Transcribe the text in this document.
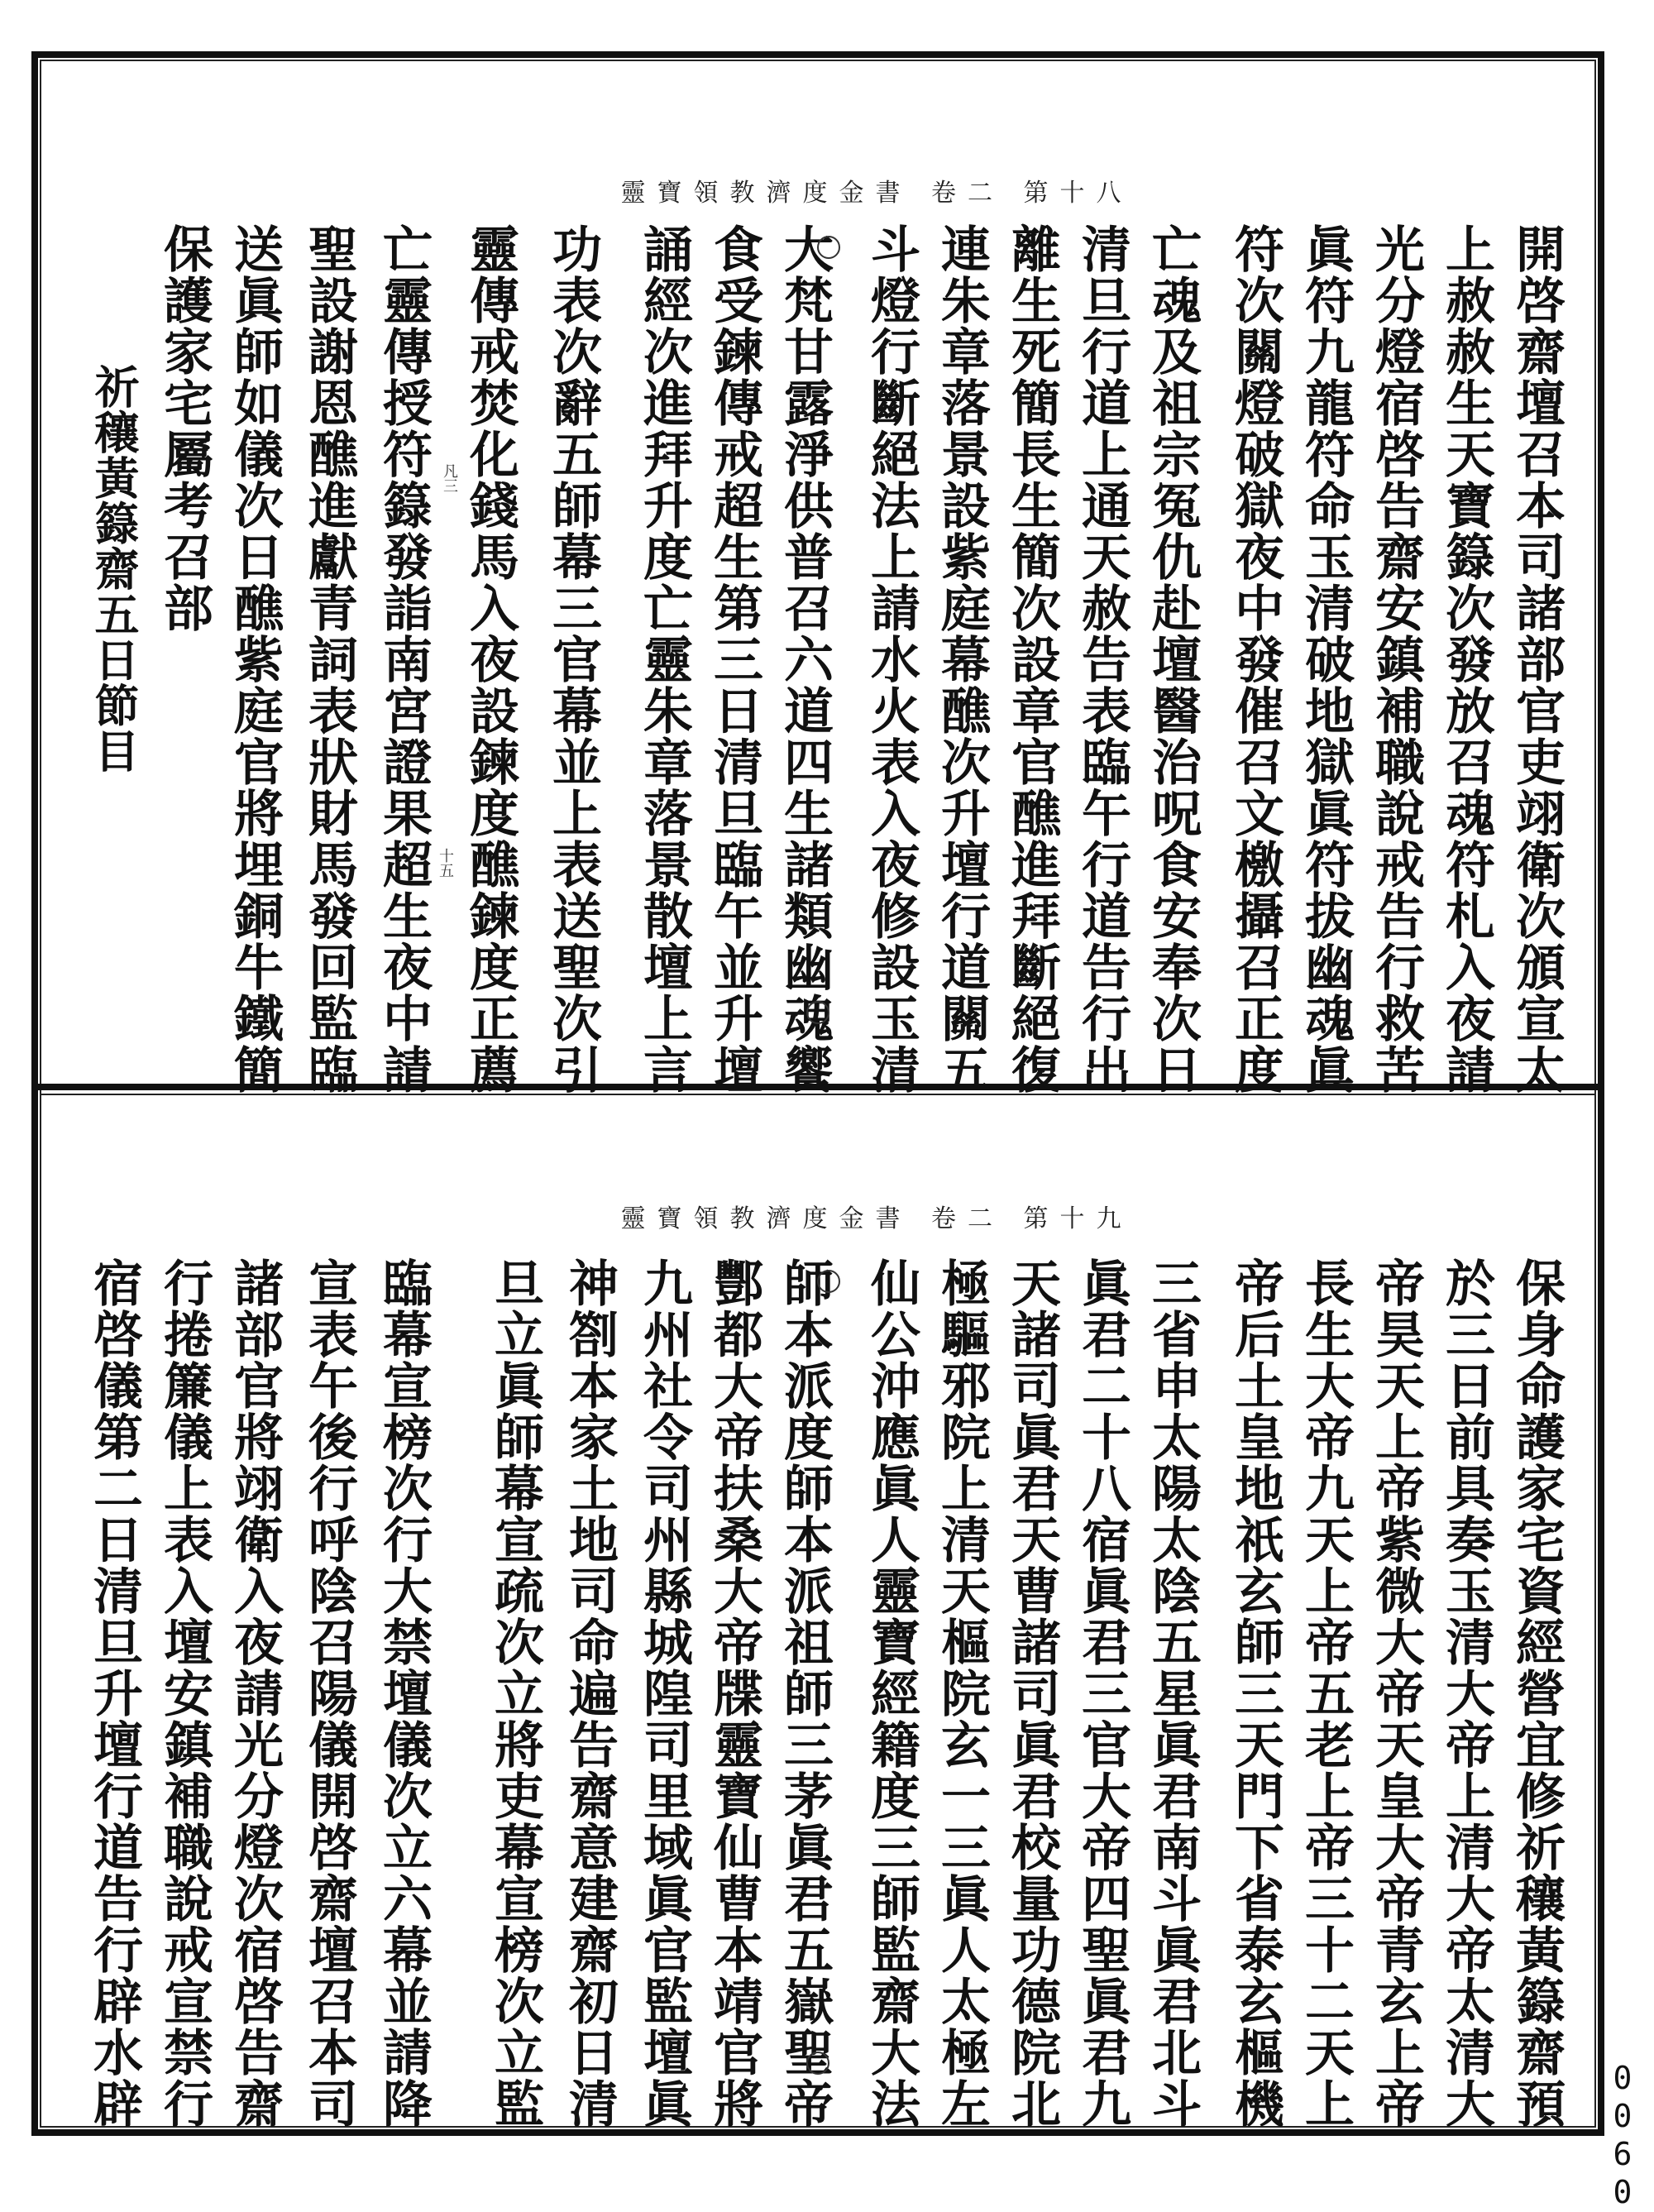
靈寶領教濟度金書 卷二 第十八
靈寶領教濟度金書 卷二 第十九
開啓齋壇召本司諸部官吏翊衛次頒宣太
上赦赦生天寶籙次發放召魂符札入夜請
光分燈宿啓告齋安鎮補職說戒告行救苦
眞符九龍符命玉清破地獄眞符拔幽魂眞
符次關燈破獄夜中發催召文檄攝召正度
亡魂及祖宗冤仇赴壇醫治呪食安奉次日
清旦行道上通天赦告表臨午行道告行出
離生死簡長生簡次設章官醮進拜斷絕復
連朱章落景設紫庭幕醮次升壇行道關五
斗燈行斷絕法上請水火表入夜修設玉清
大梵甘露淨供普召六道四生諸類幽魂饗
食受鍊傳戒超生第三日清旦臨午並升壇
誦經次進拜升度亡靈朱章落景散壇上言
功表次辭五師幕三官幕並上表送聖次引
靈傳戒焚化錢馬入夜設鍊度醮鍊度正薦
亡靈傳授符籙發詣南宮證果超生夜中請
聖設謝恩醮進獻青詞表狀財馬發回監臨
送眞師如儀次日醮紫庭官將埋銅牛鐵簡
保護家宅屬考召部
祈穰黃籙齋五日節目
十五
凡三
保身命護家宅資經營宜修祈穰黃籙齋預
於三日前具奏玉清大帝上清大帝太清大
帝昊天上帝紫微大帝天皇大帝青玄上帝
長生大帝九天上帝五老上帝三十二天上
帝后土皇地祇玄師三天門下省泰玄樞機
三省申太陽太陰五星眞君南斗眞君北斗
眞君二十八宿眞君三官大帝四聖眞君九
天諸司眞君天曹諸司眞君校量功德院北
極驅邪院上清天樞院玄一三眞人太極左
仙公沖應眞人靈寶經籍度三師監齋大法
師本派度師本派祖師三茅眞君五嶽聖帝
酆都大帝扶桑大帝牒靈寶仙曹本靖官將
九州社令司州縣城隍司里域眞官監壇眞
神劄本家土地司命遍告齋意建齋初日清
旦立眞師幕宣疏次立將吏幕宣榜次立監
臨幕宣榜次行大禁壇儀次立六幕並請降
宣表午後行呼陰召陽儀開啓齋壇召本司
諸部官將翊衛入夜請光分燈次宿啓告齋
行捲簾儀上表入壇安鎮補職說戒宣禁行
宿啓儀第二日清旦升壇行道告行辟水辟
0060
